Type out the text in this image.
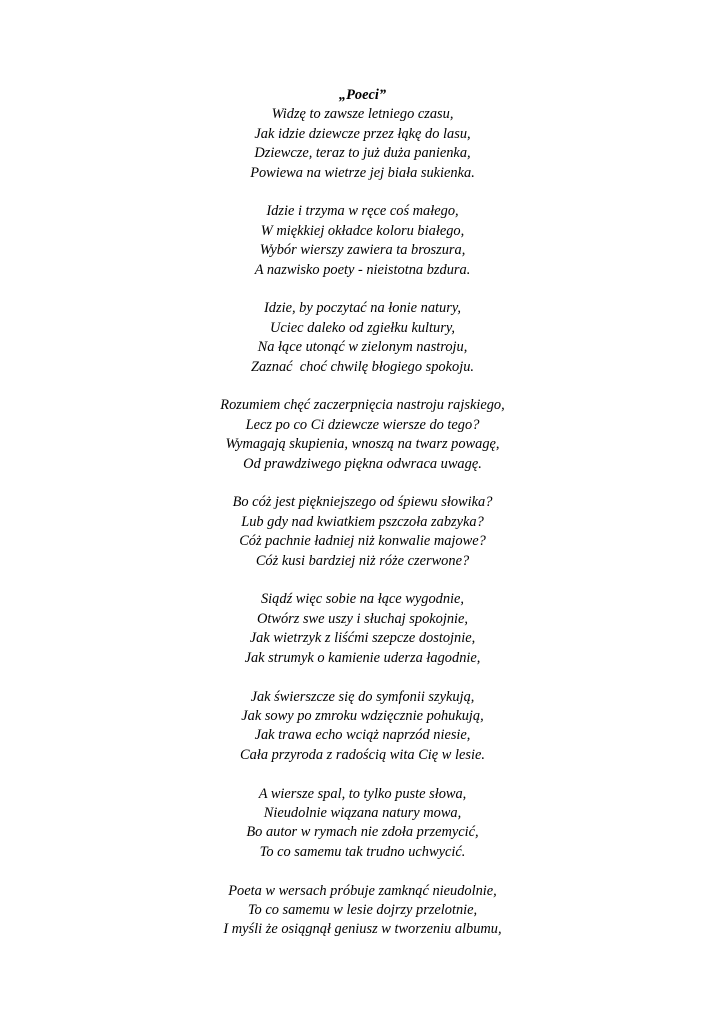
„Poeci”
Widzę to zawsze letniego czasu,
Jak idzie dziewcze przez łąkę do lasu,
Dziewcze, teraz to już duża panienka,
Powiewa na wietrze jej biała sukienka.
Idzie i trzyma w ręce coś małego,
W miękkiej okładce koloru białego,
Wybór wierszy zawiera ta broszura,
A nazwisko poety - nieistotna bzdura.
Idzie, by poczytać na łonie natury,
Uciec daleko od zgiełku kultury,
Na łące utonąć w zielonym nastroju,
Zaznać  choć chwilę błogiego spokoju.
Rozumiem chęć zaczerpnięcia nastroju rajskiego,
Lecz po co Ci dziewcze wiersze do tego?
Wymagają skupienia, wnoszą na twarz powagę,
Od prawdziwego piękna odwraca uwagę.
Bo cóż jest piękniejszego od śpiewu słowika?
Lub gdy nad kwiatkiem pszczoła zabzyka?
Cóż pachnie ładniej niż konwalie majowe?
Cóż kusi bardziej niż róże czerwone?
Siądź więc sobie na łące wygodnie,
Otwórz swe uszy i słuchaj spokojnie,
Jak wietrzyk z liśćmi szepcze dostojnie,
Jak strumyk o kamienie uderza łagodnie,
Jak świerszcze się do symfonii szykują,
Jak sowy po zmroku wdzięcznie pohukują,
Jak trawa echo wciąż naprzód niesie,
Cała przyroda z radością wita Cię w lesie.
A wiersze spal, to tylko puste słowa,
Nieudolnie wiązana natury mowa,
Bo autor w rymach nie zdoła przemycić,
To co samemu tak trudno uchwycić.
Poeta w wersach próbuje zamknąć nieudolnie,
To co samemu w lesie dojrzy przelotnie,
I myśli że osiągnął geniusz w tworzeniu albumu,
